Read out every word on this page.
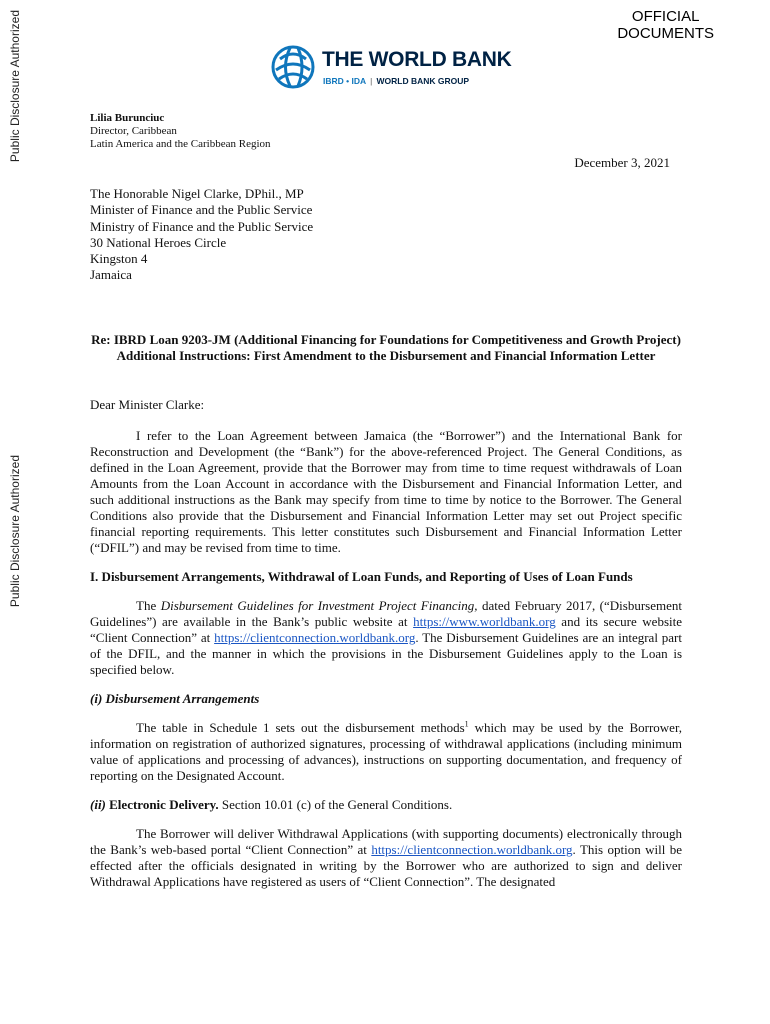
Public Disclosure Authorized
Public Disclosure Authorized
OFFICIAL
DOCUMENTS
THE WORLD BANK
IBRD • IDA | WORLD BANK GROUP
Lilia Burunciuc
Director, Caribbean
Latin America and the Caribbean Region
December 3, 2021
The Honorable Nigel Clarke, DPhil., MP
Minister of Finance and the Public Service
Ministry of Finance and the Public Service
30 National Heroes Circle
Kingston 4
Jamaica
Re: IBRD Loan 9203-JM (Additional Financing for Foundations for Competitiveness and Growth Project)
Additional Instructions: First Amendment to the Disbursement and Financial Information Letter

Dear Minister Clarke:

I refer to the Loan Agreement between Jamaica (the “Borrower”) and the International Bank for Reconstruction and Development (the “Bank”) for the above-referenced Project. The General Conditions, as defined in the Loan Agreement, provide that the Borrower may from time to time request withdrawals of Loan Amounts from the Loan Account in accordance with the Disbursement and Financial Information Letter, and such additional instructions as the Bank may specify from time to time by notice to the Borrower. The General Conditions also provide that the Disbursement and Financial Information Letter may set out Project specific financial reporting requirements. This letter constitutes such Disbursement and Financial Information Letter (“DFIL”) and may be revised from time to time.

I. Disbursement Arrangements, Withdrawal of Loan Funds, and Reporting of Uses of Loan Funds

The Disbursement Guidelines for Investment Project Financing, dated February 2017, (“Disbursement Guidelines”) are available in the Bank’s public website at https://www.worldbank.org and its secure website “Client Connection” at https://clientconnection.worldbank.org. The Disbursement Guidelines are an integral part of the DFIL, and the manner in which the provisions in the Disbursement Guidelines apply to the Loan is specified below.

(i) Disbursement Arrangements

The table in Schedule 1 sets out the disbursement methods$^1$ which may be used by the Borrower, information on registration of authorized signatures, processing of withdrawal applications (including minimum value of applications and processing of advances), instructions on supporting documentation, and frequency of reporting on the Designated Account.

(ii) Electronic Delivery. Section 10.01 (c) of the General Conditions.

The Borrower will deliver Withdrawal Applications (with supporting documents) electronically through the Bank’s web-based portal “Client Connection” at https://clientconnection.worldbank.org. This option will be effected after the officials designated in writing by the Borrower who are authorized to sign and deliver Withdrawal Applications have registered as users of “Client Connection”. The designated
